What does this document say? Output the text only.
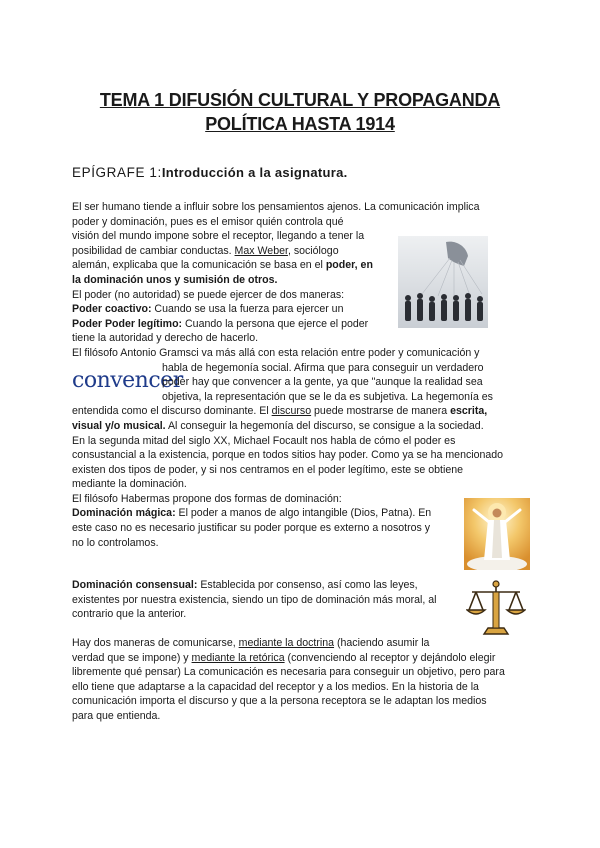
TEMA 1 DIFUSIÓN CULTURAL Y PROPAGANDA
POLÍTICA HASTA 1914
EPÍGRAFE 1:Introducción a la asignatura.
convencer

El ser humano tiende a influir sobre los pensamientos ajenos. La comunicación implica

poder y dominación, pues es el emisor quién controla qué

visión del mundo impone sobre el receptor, llegando a tener la

posibilidad de cambiar conductas. Max Weber, sociólogo

alemán, explicaba que la comunicación se basa en el poder, en

la dominación unos y sumisión de otros.

El poder (no autoridad) se puede ejercer de dos maneras:

Poder coactivo: Cuando se usa la fuerza para ejercer un

Poder Poder legítimo: Cuando la persona que ejerce el poder

tiene la autoridad y derecho de hacerlo.

El filósofo Antonio Gramsci va más allá con esta relación entre poder y comunicación y

habla de hegemonía social. Afirma que para conseguir un verdadero

poder hay que convencer a la gente, ya que "aunque la realidad sea

objetiva, la representación que se le da es subjetiva. La hegemonía es

entendida como el discurso dominante. El discurso puede mostrarse de manera escrita,

visual y/o musical. Al conseguir la hegemonía del discurso, se consigue a la sociedad.

En la segunda mitad del siglo XX, Michael Focault nos habla de cómo el poder es

consustancial a la existencia, porque en todos sitios hay poder. Como ya se ha mencionado

existen dos tipos de poder, y si nos centramos en el poder legítimo, este se obtiene

mediante la dominación.

El filósofo Habermas propone dos formas de dominación:

Dominación mágica: El poder a manos de algo intangible (Dios, Patna). En

este caso no es necesario justificar su poder porque es externo a nosotros y

no lo controlamos.

Dominación consensual: Establecida por consenso, así como las leyes,

existentes por nuestra existencia, siendo un tipo de dominación más moral, al

contrario que la anterior.

Hay dos maneras de comunicarse, mediante la doctrina (haciendo asumir la

verdad que se impone) y mediante la retórica (convenciendo al receptor y dejándolo elegir

libremente qué pensar) La comunicación es necesaria para conseguir un objetivo, pero para

ello tiene que adaptarse a la capacidad del receptor y a los medios. En la historia de la

comunicación importa el discurso y que a la persona receptora se le adaptan los medios

para que entienda.
